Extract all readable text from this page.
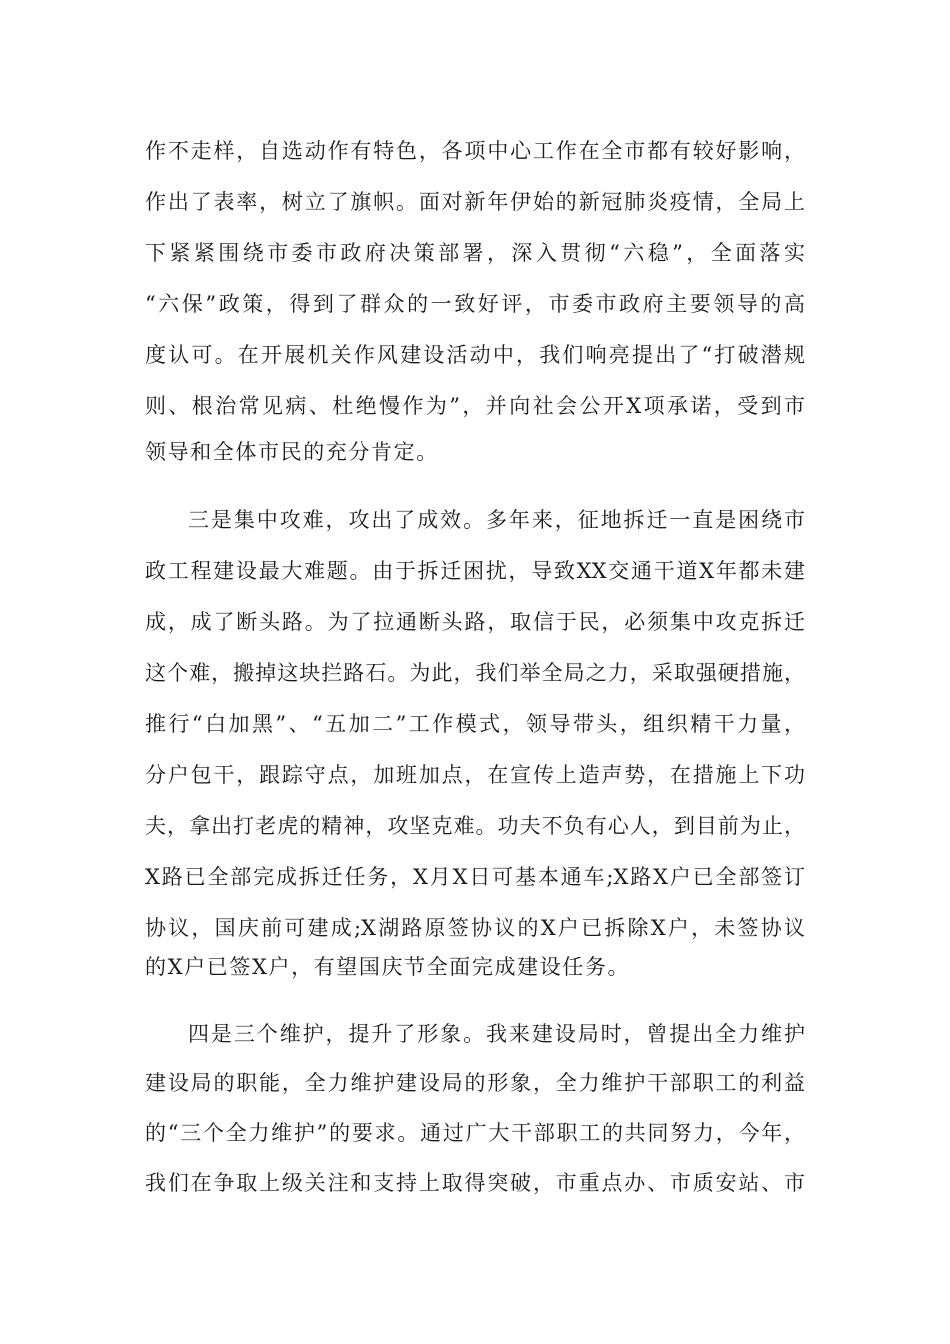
作不走样，自选动作有特色，各项中心工作在全市都有较好影响，
作出了表率，树立了旗帜。面对新年伊始的新冠肺炎疫情，全局上
下紧紧围绕市委市政府决策部署，深入贯彻“六稳”，全面落实
“六保”政策，得到了群众的一致好评，市委市政府主要领导的高
度认可。在开展机关作风建设活动中，我们响亮提出了“打破潜规
则、根治常见病、杜绝慢作为”，并向社会公开X项承诺，受到市
领导和全体市民的充分肯定。
三是集中攻难，攻出了成效。多年来，征地拆迁一直是困绕市
政工程建设最大难题。由于拆迁困扰，导致XX交通干道X年都未建
成，成了断头路。为了拉通断头路，取信于民，必须集中攻克拆迁
这个难，搬掉这块拦路石。为此，我们举全局之力，采取强硬措施，
推行“白加黑”、“五加二”工作模式，领导带头，组织精干力量，
分户包干，跟踪守点，加班加点，在宣传上造声势，在措施上下功
夫，拿出打老虎的精神，攻坚克难。功夫不负有心人，到目前为止，
X路已全部完成拆迁任务，X月X日可基本通车;X路X户已全部签订
协议，国庆前可建成;X湖路原签协议的X户已拆除X户，未签协议
的X户已签X户，有望国庆节全面完成建设任务。
四是三个维护，提升了形象。我来建设局时，曾提出全力维护
建设局的职能，全力维护建设局的形象，全力维护干部职工的利益
的“三个全力维护”的要求。通过广大干部职工的共同努力，今年，
我们在争取上级关注和支持上取得突破，市重点办、市质安站、市
